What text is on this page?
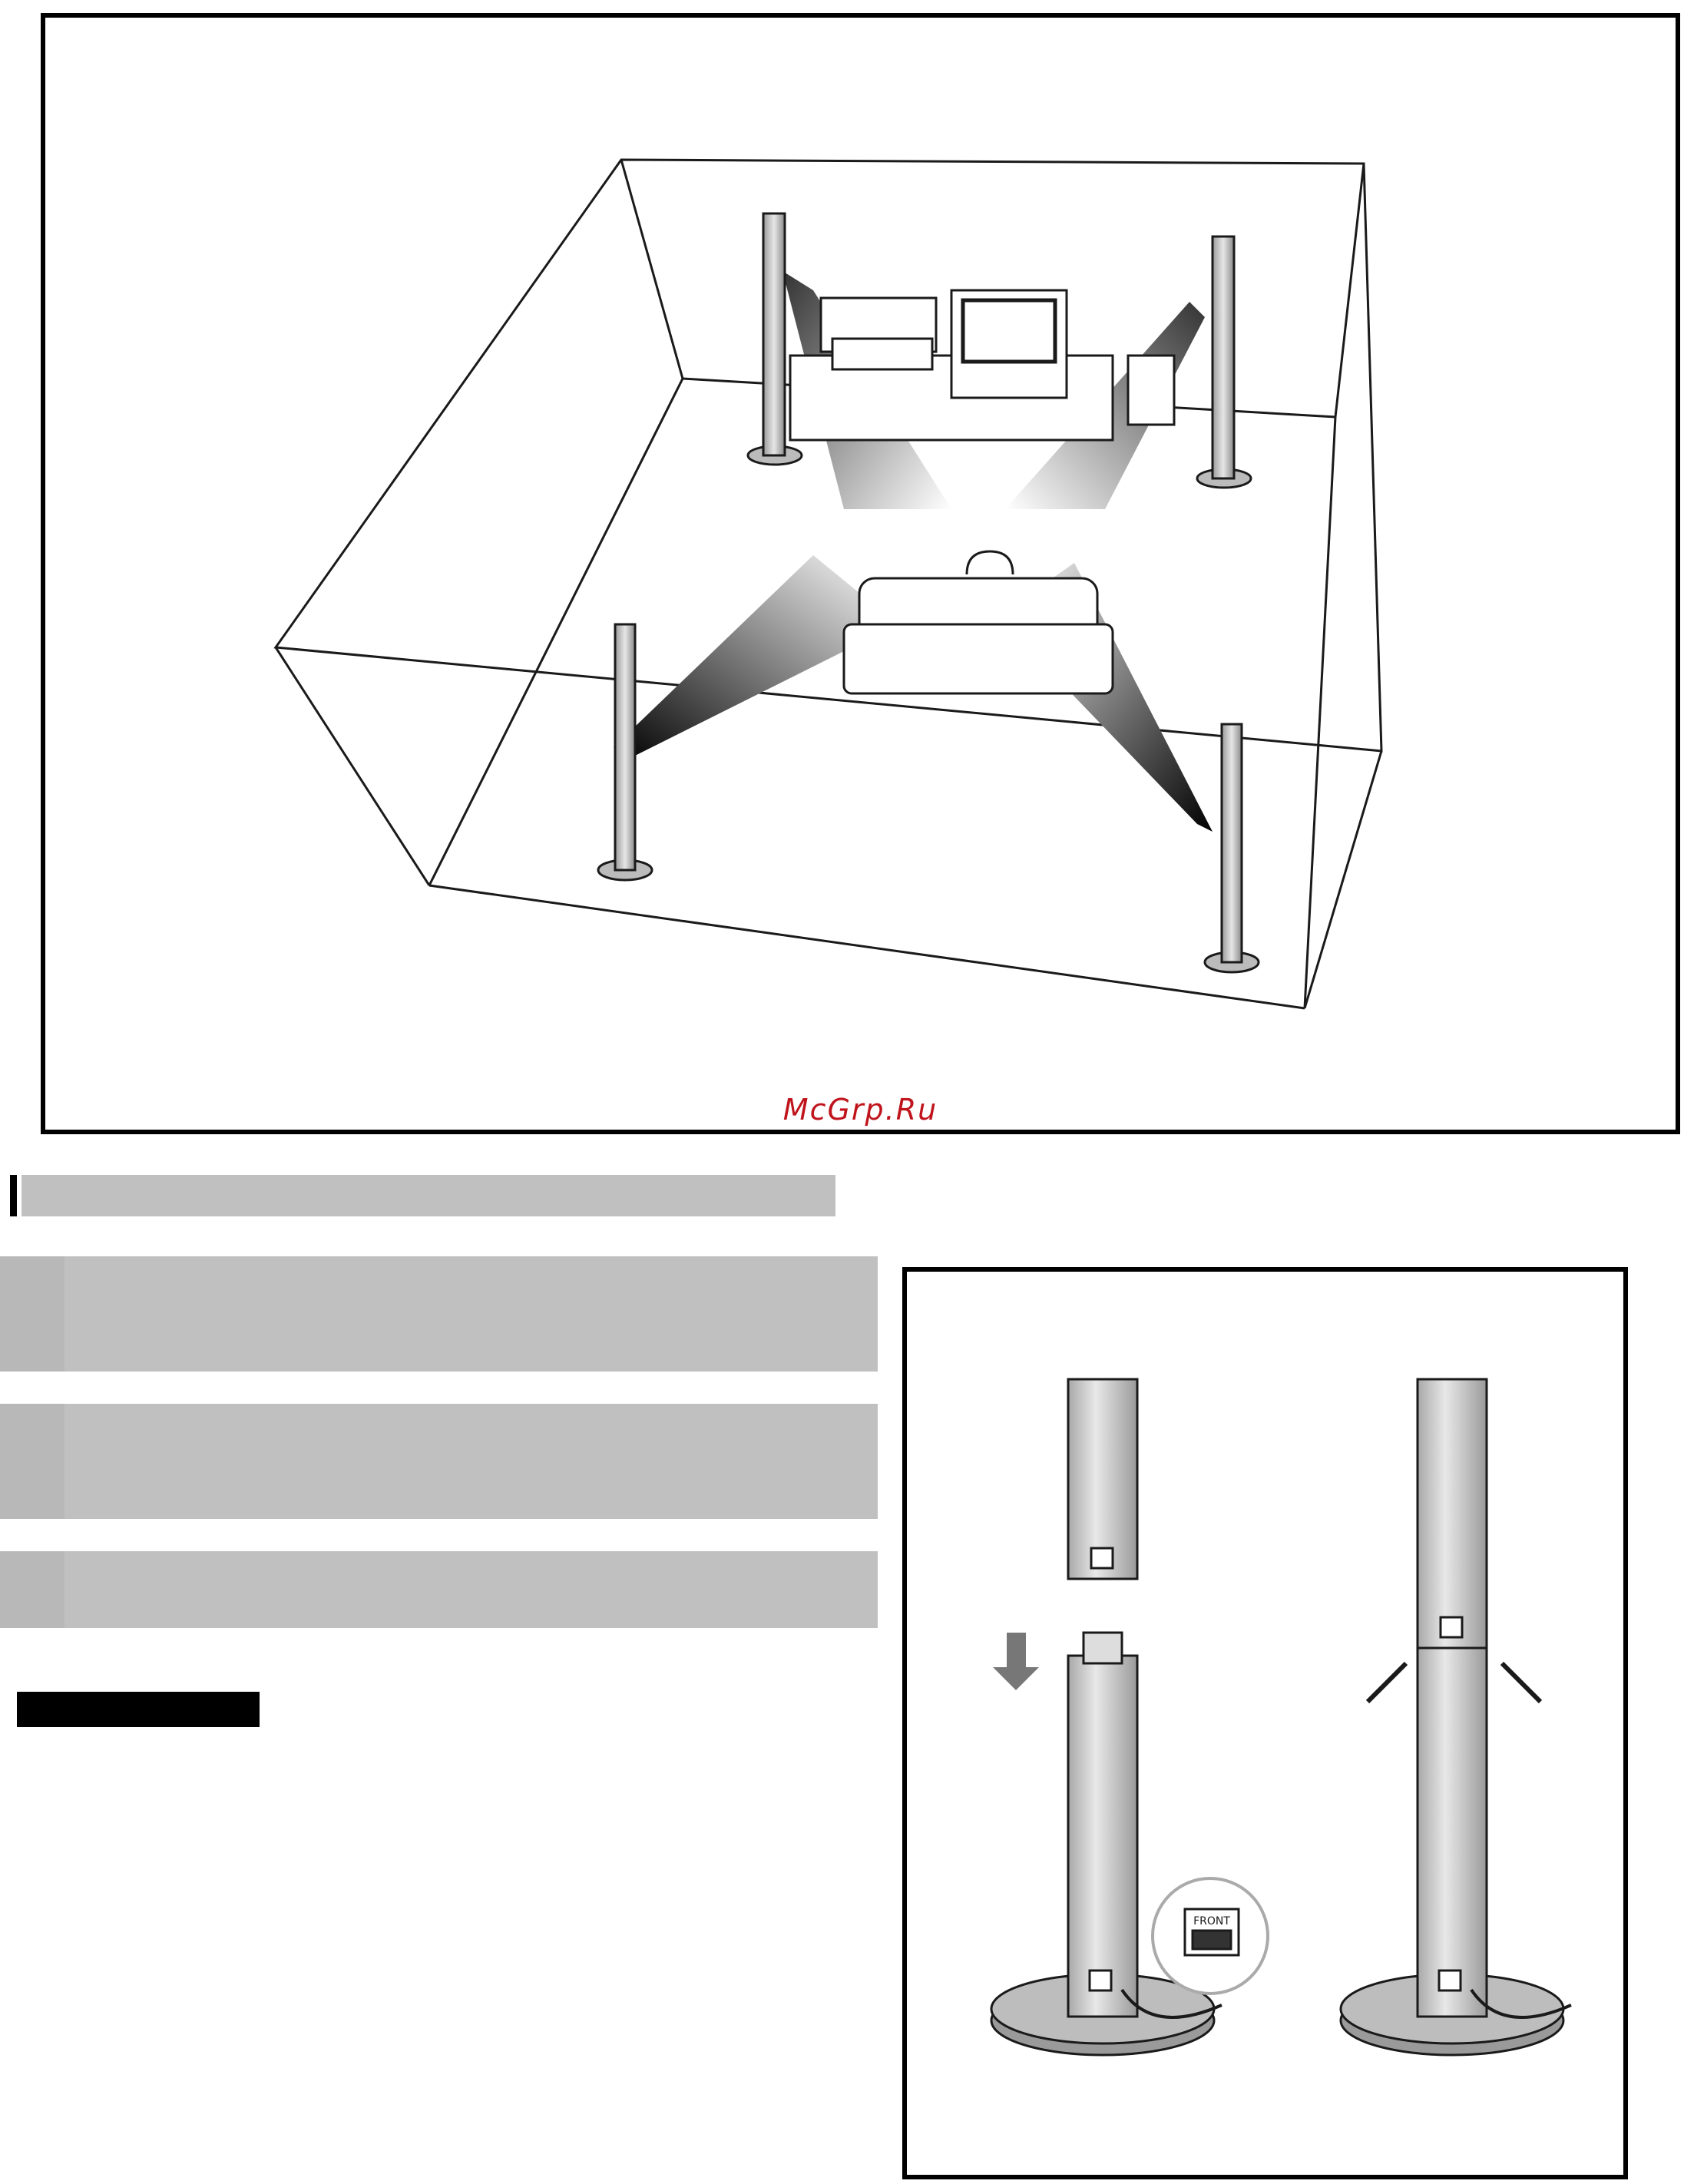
McGrp.Ru
FRONT
